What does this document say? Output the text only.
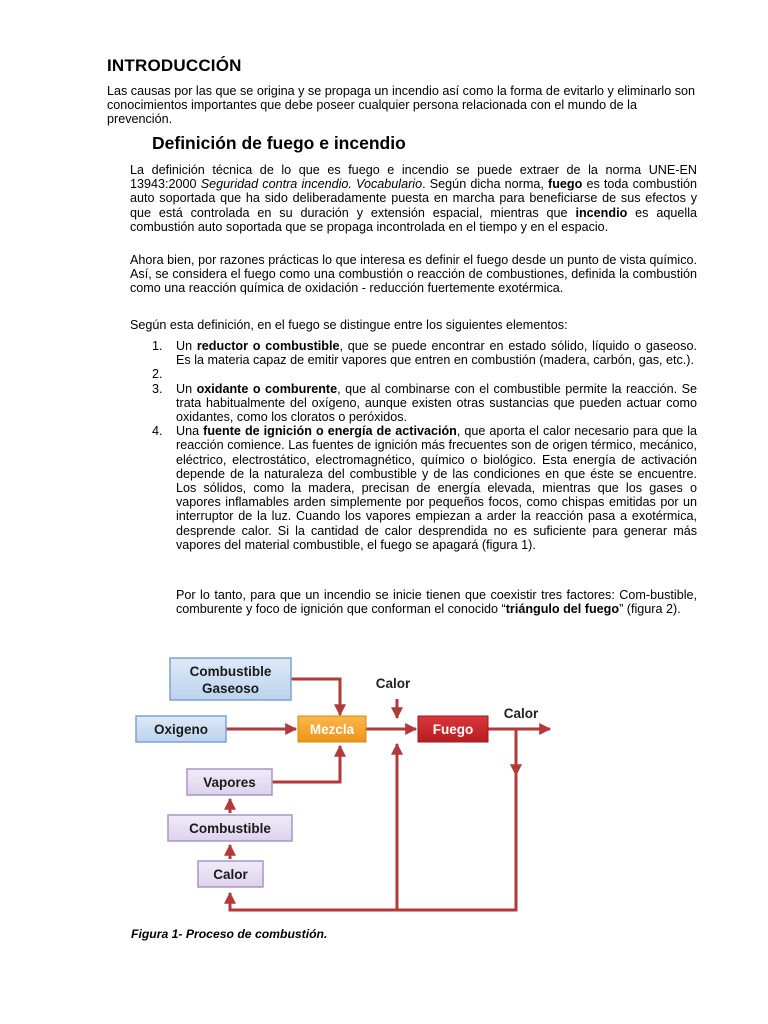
INTRODUCCIÓN

Las causas por las que se origina y se propaga un incendio así como la forma de evitarlo y eliminarlo son conocimientos importantes que debe poseer cualquier persona relacionada con el mundo de la prevención.

Definición de fuego e incendio

La definición técnica de lo que es fuego e incendio se puede extraer de la norma UNE-EN 13943:2000 Seguridad contra incendio. Vocabulario. Según dicha norma, fuego es toda combustión auto soportada que ha sido deliberadamente puesta en marcha para beneficiarse de sus efectos y que está controlada en su duración y extensión espacial, mientras que incendio es aquella combustión auto soportada que se propaga incontrolada en el tiempo y en el espacio.

Ahora bien, por razones prácticas lo que interesa es definir el fuego desde un punto de vista químico. Así, se considera el fuego como una combustión o reacción de combustiones, definida la combustión como una reacción química de oxidación - reducción fuertemente exotérmica.

Según esta definición, en el fuego se distingue entre los siguientes elementos:

1. Un reductor o combustible, que se puede encontrar en estado sólido, líquido o gaseoso. Es la materia capaz de emitir vapores que entren en combustión (madera, carbón, gas, etc.).
2.
3. Un oxidante o comburente, que al combinarse con el combustible permite la reacción. Se trata habitualmente del oxígeno, aunque existen otras sustancias que pueden actuar como oxidantes, como los cloratos o peróxidos.
4. Una fuente de ignición o energía de activación, que aporta el calor necesario para que la reacción comience. Las fuentes de ignición más frecuentes son de origen térmico, mecánico, eléctrico, electrostático, electromagnético, químico o biológico. Esta energía de activación depende de la naturaleza del combustible y de las condiciones en que éste se encuentre. Los sólidos, como la madera, precisan de energía elevada, mientras que los gases o vapores inflamables arden simplemente por pequeños focos, como chispas emitidas por un interruptor de la luz. Cuando los vapores empiezan a arder la reacción pasa a exotérmica, desprende calor. Si la cantidad de calor desprendida no es suficiente para generar más vapores del material combustible, el fuego se apagará (figura 1).

Por lo tanto, para que un incendio se inicie tienen que coexistir tres factores: Com-bustible, comburente y foco de ignición que conforman el conocido “triángulo del fuego” (figura 2).

Combustible
Gaseoso
Oxigeno	Mezcla	Fuego
Vapores
Combustible
Calor
Calor
Calor
Figura 1- Proceso de combustión.
